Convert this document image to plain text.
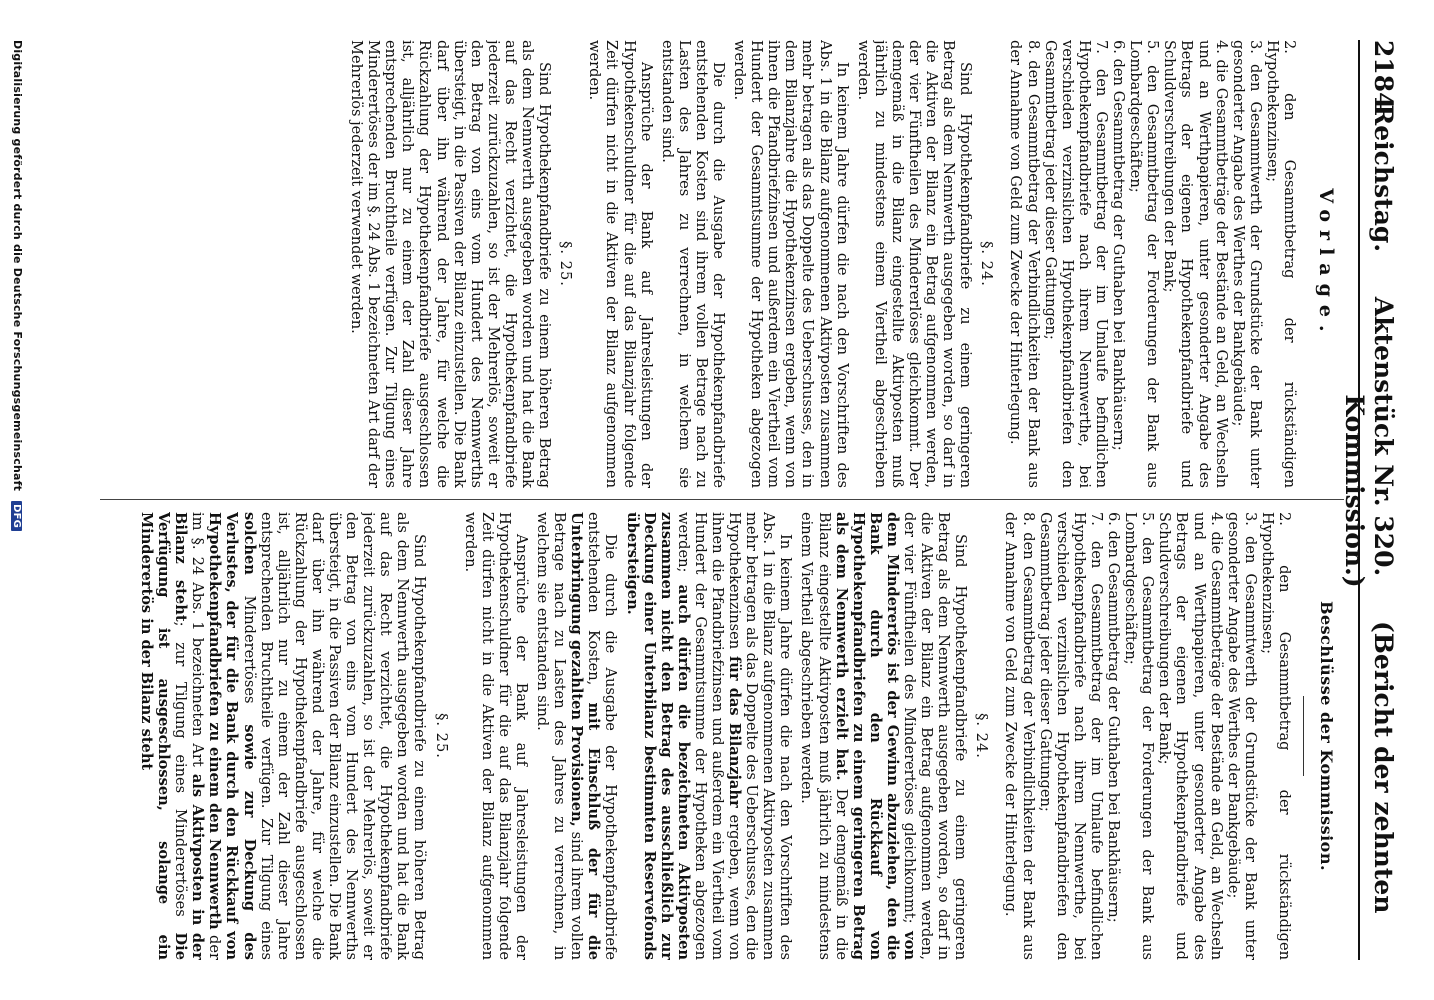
2184
Reichstag. Aktenstück Nr. 320. (Bericht der zehnten Kommission.)
Vorlage.
2. den Gesammtbetrag der rückständigen Hypothekenzinsen;
3. den Gesammtwerth der Grundstücke der Bank unter gesonderter Angabe des Werthes der Bankgebäude;
4. die Gesammtbeträge der Bestände an Geld, an Wechseln und an Werthpapieren, unter gesonderter Angabe des Betrags der eigenen Hypothekenpfandbriefe und Schuldverschreibungen der Bank;
5. den Gesammtbetrag der Forderungen der Bank aus Lombardgeschäften;
6. den Gesammtbetrag der Guthaben bei Bankhäusern;
7. den Gesammtbetrag der im Umlaufe befindlichen Hypothekenpfandbriefe nach ihrem Nennwerthe, bei verschieden verzinslichen Hypothekenpfandbriefen den Gesammtbetrag jeder dieser Gattungen;
8. den Gesammtbetrag der Verbindlichkeiten der Bank aus der Annahme von Geld zum Zwecke der Hinterlegung.
§. 24.

Sind Hypothekenpfandbriefe zu einem geringeren Betrag als dem Nennwerth ausgegeben worden, so darf in die Aktiven der Bilanz ein Betrag aufgenommen werden, der vier Fünftheilen des Mindererlöses gleichkommt. Der demgemäß in die Bilanz eingestellte Aktivposten muß jährlich zu mindestens einem Viertheil abgeschrieben werden.

In keinem Jahre dürfen die nach den Vorschriften des Abs. 1 in die Bilanz aufgenommenen Aktivposten zusammen mehr betragen als das Doppelte des Ueberschusses, den in dem Bilanzjahre die Hypothekenzinsen ergeben, wenn von ihnen die Pfandbriefzinsen und außerdem ein Viertheil vom Hundert der Gesammtsumme der Hypotheken abgezogen werden.

Die durch die Ausgabe der Hypothekenpfandbriefe entstehenden Kosten sind ihrem vollen Betrage nach zu Lasten des Jahres zu verrechnen, in welchem sie entstanden sind.

Ansprüche der Bank auf Jahresleistungen der Hypothekenschuldner für die auf das Bilanzjahr folgende Zeit dürfen nicht in die Aktiven der Bilanz aufgenommen werden.

§. 25.

Sind Hypothekenpfandbriefe zu einem höheren Betrag als dem Nennwerth ausgegeben worden und hat die Bank auf das Recht verzichtet, die Hypothekenpfandbriefe jederzeit zurückzuzahlen, so ist der Mehrerlös, soweit er den Betrag von eins vom Hundert des Nennwerths übersteigt, in die Passiven der Bilanz einzustellen. Die Bank darf über ihn während der Jahre, für welche die Rückzahlung der Hypothekenpfandbriefe ausgeschlossen ist, alljährlich nur zu einem der Zahl dieser Jahre entsprechenden Bruchtheile verfügen. Zur Tilgung eines Minderertöses der im §. 24 Abs. 1 bezeichneten Art darf der Mehrerlös jederzeit verwendet werden.

Beschlüsse der Kommission.
2. den Gesammtbetrag der rückständigen Hypothekenzinsen;
3. den Gesammtwerth der Grundstücke der Bank unter gesonderter Angabe des Werthes der Bankgebäude;
4. die Gesammtbeträge der Bestände an Geld, an Wechseln und an Werthpapieren, unter gesonderter Angabe des Betrags der eigenen Hypothekenpfandbriefe und Schuldverschreibungen der Bank;
5. den Gesammtbetrag der Forderungen der Bank aus Lombardgeschäften;
6. den Gesammtbetrag der Guthaben bei Bankhäusern;
7. den Gesammtbetrag der im Umlaufe befindlichen Hypothekenpfandbriefe nach ihrem Nennwerthe, bei verschieden verzinslichen Hypothekenpfandbriefen den Gesammtbetrag jeder dieser Gattungen;
8. den Gesammtbetrag der Verbindlichkeiten der Bank aus der Annahme von Geld zum Zwecke der Hinterlegung.
§. 24.

Sind Hypothekenpfandbriefe zu einem geringeren Betrag als dem Nennwerth ausgegeben worden, so darf in die Aktiven der Bilanz ein Betrag aufgenommen werden, der vier Fünftheilen des Minderertöses gleichkommt; von dem Minderertös ist der Gewinn abzuziehen, den die Bank durch den Rückkauf von Hypothekenpfandbriefen zu einem geringeren Betrag als dem Nennwerth erzielt hat. Der demgemäß in die Bilanz eingestellte Aktivposten muß jährlich zu mindestens einem Viertheil abgeschrieben werden.

In keinem Jahre dürfen die nach den Vorschriften des Abs. 1 in die Bilanz aufgenommenen Aktivposten zusammen mehr betragen als das Doppelte des Ueberschusses, den die Hypothekenzinsen für das Bilanzjahr ergeben, wenn von ihnen die Pfandbriefzinsen und außerdem ein Viertheil vom Hundert der Gesammtsumme der Hypotheken abgezogen werden; auch dürfen die bezeichneten Aktivposten zusammen nicht den Betrag des ausschließlich zur Deckung einer Unterbilanz bestimmten Reservefonds übersteigen.

Die durch die Ausgabe der Hypothekenpfandbriefe entstehenden Kosten, mit Einschluß der für die Unterbringung gezahlten Provisionen, sind ihrem vollen Betrage nach zu Lasten des Jahres zu verrechnen, in welchem sie entstanden sind.

Ansprüche der Bank auf Jahresleistungen der Hypothekenschuldner für die auf das Bilanzjahr folgende Zeit dürfen nicht in die Aktiven der Bilanz aufgenommen werden.

§. 25.

Sind Hypothekenpfandbriefe zu einem höheren Betrag als dem Nennwerth ausgegeben worden und hat die Bank auf das Recht verzichtet, die Hypothekenpfandbriefe jederzeit zurückzuzahlen, so ist der Mehrerlös, soweit er den Betrag von eins vom Hundert des Nennwerths übersteigt, in die Passiven der Bilanz einzustellen. Die Bank darf über ihn während der Jahre, für welche die Rückzahlung der Hypothekenpfandbriefe ausgeschlossen ist, alljährlich nur zu einem der Zahl dieser Jahre entsprechenden Bruchtheile verfügen. Zur Tilgung eines solchen Minderertöses sowie zur Deckung des Verlustes, der für die Bank durch den Rückkauf von Hypothekenpfandbriefen zu einem den Nennwerth der im §. 24 Abs. 1 bezeichneten Art als Aktivposten in der Bilanz steht; zur Tilgung eines Minderertöses Die Verfügung ist ausgeschlossen, solange ein Minderertös in der Bilanz steht

Digitalisierung gefördert durch die Deutsche Forschungsgemeinschaft DFG
